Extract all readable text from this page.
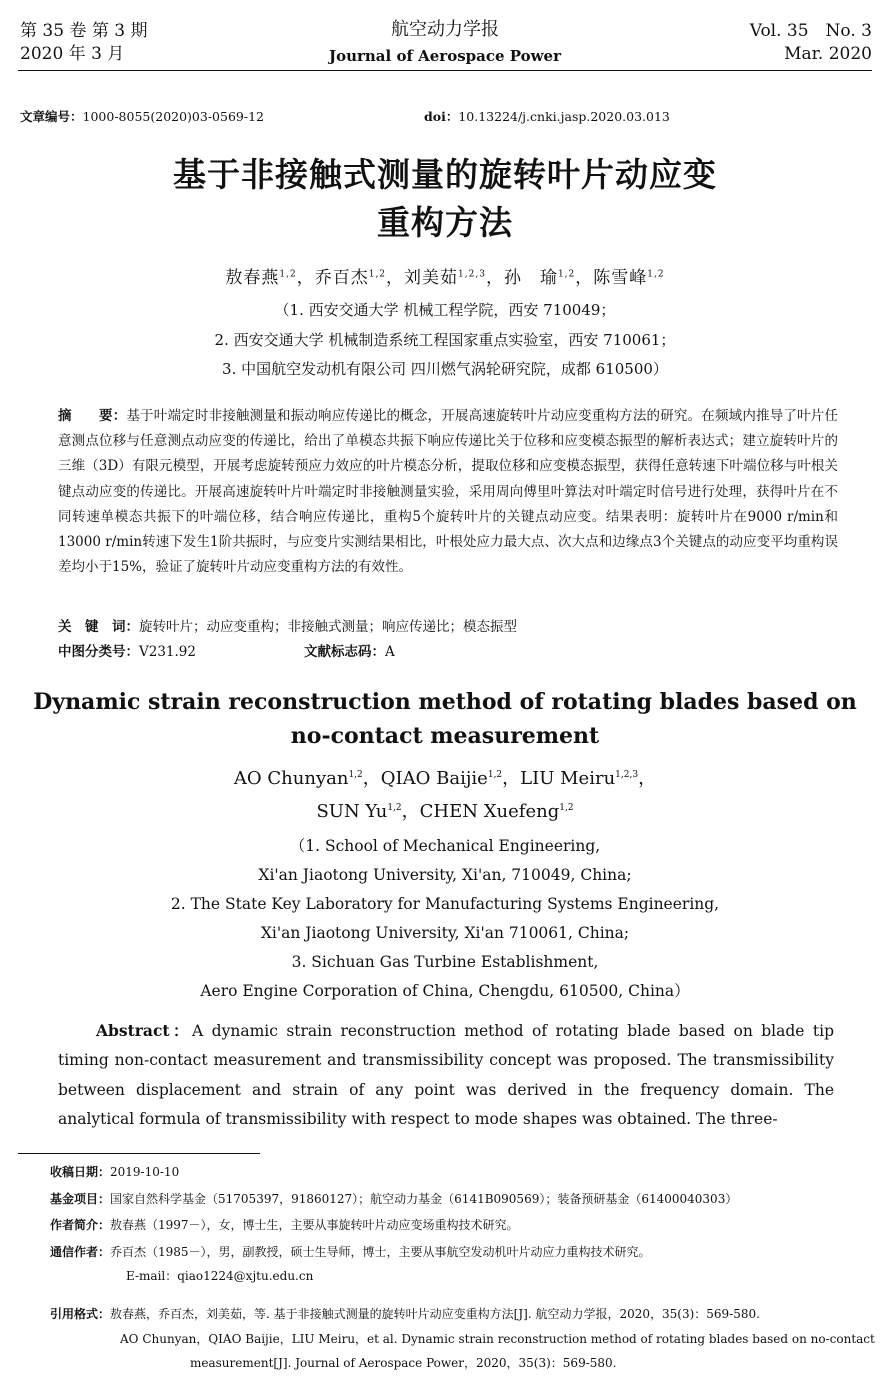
第 35 卷 第 3 期
2020 年 3 月
航空动力学报
Journal of Aerospace Power
Vol. 35　No. 3
Mar. 2020
文章编号：1000-8055(2020)03-0569-12	doi：10.13224/j.cnki.jasp.2020.03.013
基于非接触式测量的旋转叶片动应变
重构方法
敖春燕$^{1,2}$，乔百杰$^{1,2}$，刘美茹$^{1,2,3}$，孙　瑜$^{1,2}$，陈雪峰$^{1,2}$
（1. 西安交通大学 机械工程学院，西安 710049；
2. 西安交通大学 机械制造系统工程国家重点实验室，西安 710061；
3. 中国航空发动机有限公司 四川燃气涡轮研究院，成都 610500）
摘　　要：基于叶端定时非接触测量和振动响应传递比的概念，开展高速旋转叶片动应变重构方法的研究。在频域内推导了叶片任意测点位移与任意测点动应变的传递比，给出了单模态共振下响应传递比关于位移和应变模态振型的解析表达式；建立旋转叶片的三维（3D）有限元模型，开展考虑旋转预应力效应的叶片模态分析，提取位移和应变模态振型，获得任意转速下叶端位移与叶根关键点动应变的传递比。开展高速旋转叶片叶端定时非接触测量实验，采用周向傅里叶算法对叶端定时信号进行处理，获得叶片在不同转速单模态共振下的叶端位移，结合响应传递比，重构5个旋转叶片的关键点动应变。结果表明：旋转叶片在9000 r/min和13000 r/min转速下发生1阶共振时，与应变片实测结果相比，叶根处应力最大点、次大点和边缘点3个关键点的动应变平均重构误差均小于15%，验证了旋转叶片动应变重构方法的有效性。
关　键　词：旋转叶片；动应变重构；非接触式测量；响应传递比；模态振型
中图分类号：V231.92	文献标志码：A
Dynamic strain reconstruction method of rotating blades based on
no-contact measurement
AO Chunyan$^{1,2}$，QIAO Baijie$^{1,2}$，LIU Meiru$^{1,2,3}$，
SUN Yu$^{1,2}$，CHEN Xuefeng$^{1,2}$
（1. School of Mechanical Engineering,
Xi'an Jiaotong University, Xi'an, 710049, China;
2. The State Key Laboratory for Manufacturing Systems Engineering,
Xi'an Jiaotong University, Xi'an 710061, China;
3. Sichuan Gas Turbine Establishment,
Aero Engine Corporation of China, Chengdu, 610500, China）
Abstract：A dynamic strain reconstruction method of rotating blade based on blade tip timing non-contact measurement and transmissibility concept was proposed. The transmissibility between displacement and strain of any point was derived in the frequency domain. The analytical formula of transmissibility with respect to mode shapes was obtained. The three-
收稿日期：2019-10-10
基金项目：国家自然科学基金（51705397，91860127）；航空动力基金（6141B090569）；装备预研基金（61400040303）
作者简介：敖春燕（1997－），女，博士生，主要从事旋转叶片动应变场重构技术研究。
通信作者：乔百杰（1985－），男，副教授，硕士生导师，博士，主要从事航空发动机叶片动应力重构技术研究。
E-mail：qiao1224@xjtu.edu.cn
引用格式：敖春燕，乔百杰，刘美茹，等. 基于非接触式测量的旋转叶片动应变重构方法[J]. 航空动力学报，2020，35(3)：569-580.
AO Chunyan，QIAO Baijie，LIU Meiru，et al. Dynamic strain reconstruction method of rotating blades based on no-contact measurement[J]. Journal of Aerospace Power，2020，35(3)：569-580.
